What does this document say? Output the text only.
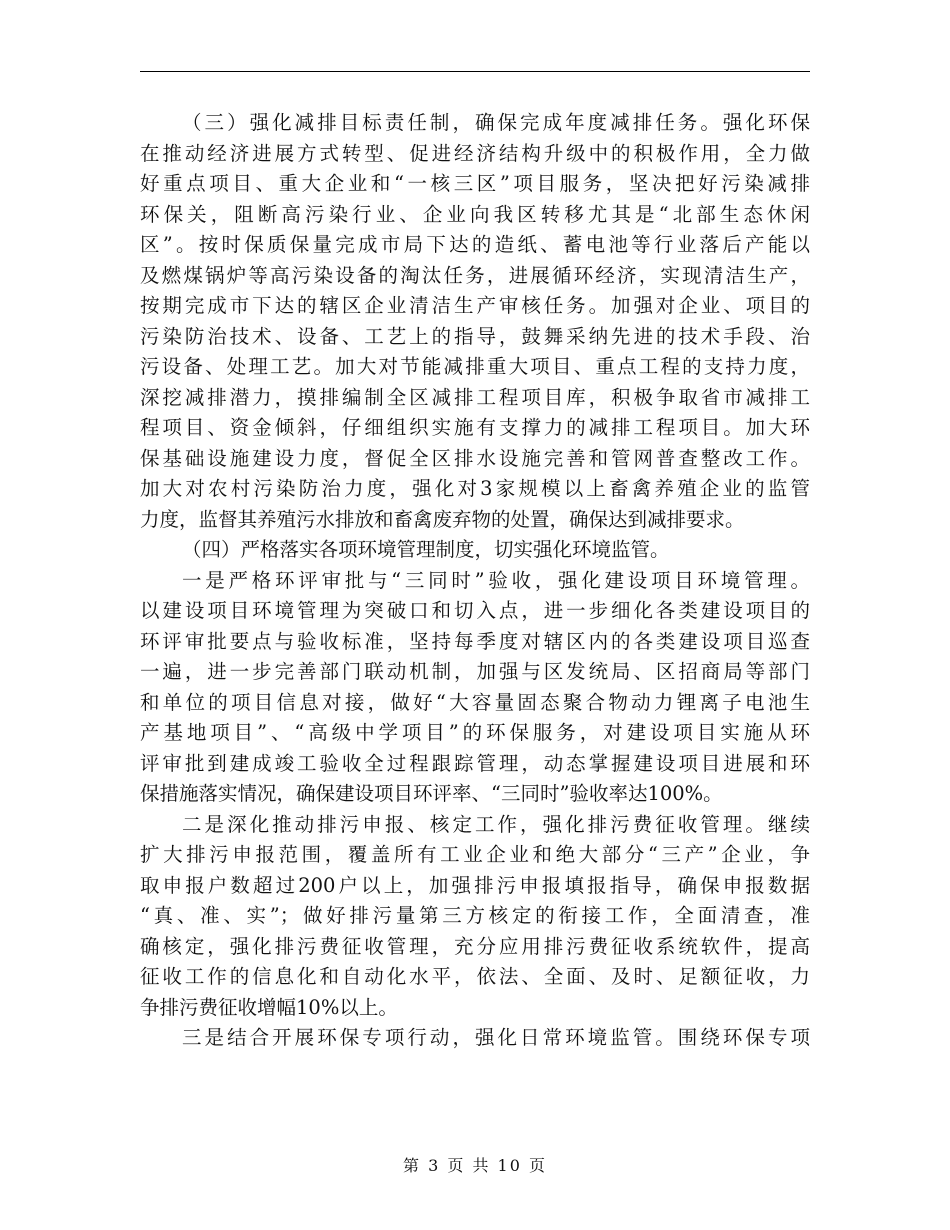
（三）强化减排目标责任制，确保完成年度减排任务。强化环保
在推动经济进展方式转型、促进经济结构升级中的积极作用，全力做
好重点项目、重大企业和“一核三区”项目服务，坚决把好污染减排
环保关，阻断高污染行业、企业向我区转移尤其是“北部生态休闲
区”。按时保质保量完成市局下达的造纸、蓄电池等行业落后产能以
及燃煤锅炉等高污染设备的淘汰任务，进展循环经济，实现清洁生产，
按期完成市下达的辖区企业清洁生产审核任务。加强对企业、项目的
污染防治技术、设备、工艺上的指导，鼓舞采纳先进的技术手段、治
污设备、处理工艺。加大对节能减排重大项目、重点工程的支持力度，
深挖减排潜力，摸排编制全区减排工程项目库，积极争取省市减排工
程项目、资金倾斜，仔细组织实施有支撑力的减排工程项目。加大环
保基础设施建设力度，督促全区排水设施完善和管网普查整改工作。
加大对农村污染防治力度，强化对3家规模以上畜禽养殖企业的监管
力度，监督其养殖污水排放和畜禽废弃物的处置，确保达到减排要求。
（四）严格落实各项环境管理制度，切实强化环境监管。
一是严格环评审批与“三同时”验收，强化建设项目环境管理。
以建设项目环境管理为突破口和切入点，进一步细化各类建设项目的
环评审批要点与验收标准，坚持每季度对辖区内的各类建设项目巡查
一遍，进一步完善部门联动机制，加强与区发统局、区招商局等部门
和单位的项目信息对接，做好“大容量固态聚合物动力锂离子电池生
产基地项目”、“高级中学项目”的环保服务，对建设项目实施从环
评审批到建成竣工验收全过程跟踪管理，动态掌握建设项目进展和环
保措施落实情况，确保建设项目环评率、“三同时”验收率达100%。
二是深化推动排污申报、核定工作，强化排污费征收管理。继续
扩大排污申报范围，覆盖所有工业企业和绝大部分“三产”企业，争
取申报户数超过200户以上，加强排污申报填报指导，确保申报数据
“真、准、实”；做好排污量第三方核定的衔接工作，全面清查，准
确核定，强化排污费征收管理，充分应用排污费征收系统软件，提高
征收工作的信息化和自动化水平，依法、全面、及时、足额征收，力
争排污费征收增幅10%以上。
三是结合开展环保专项行动，强化日常环境监管。围绕环保专项
第 3 页 共 10 页
